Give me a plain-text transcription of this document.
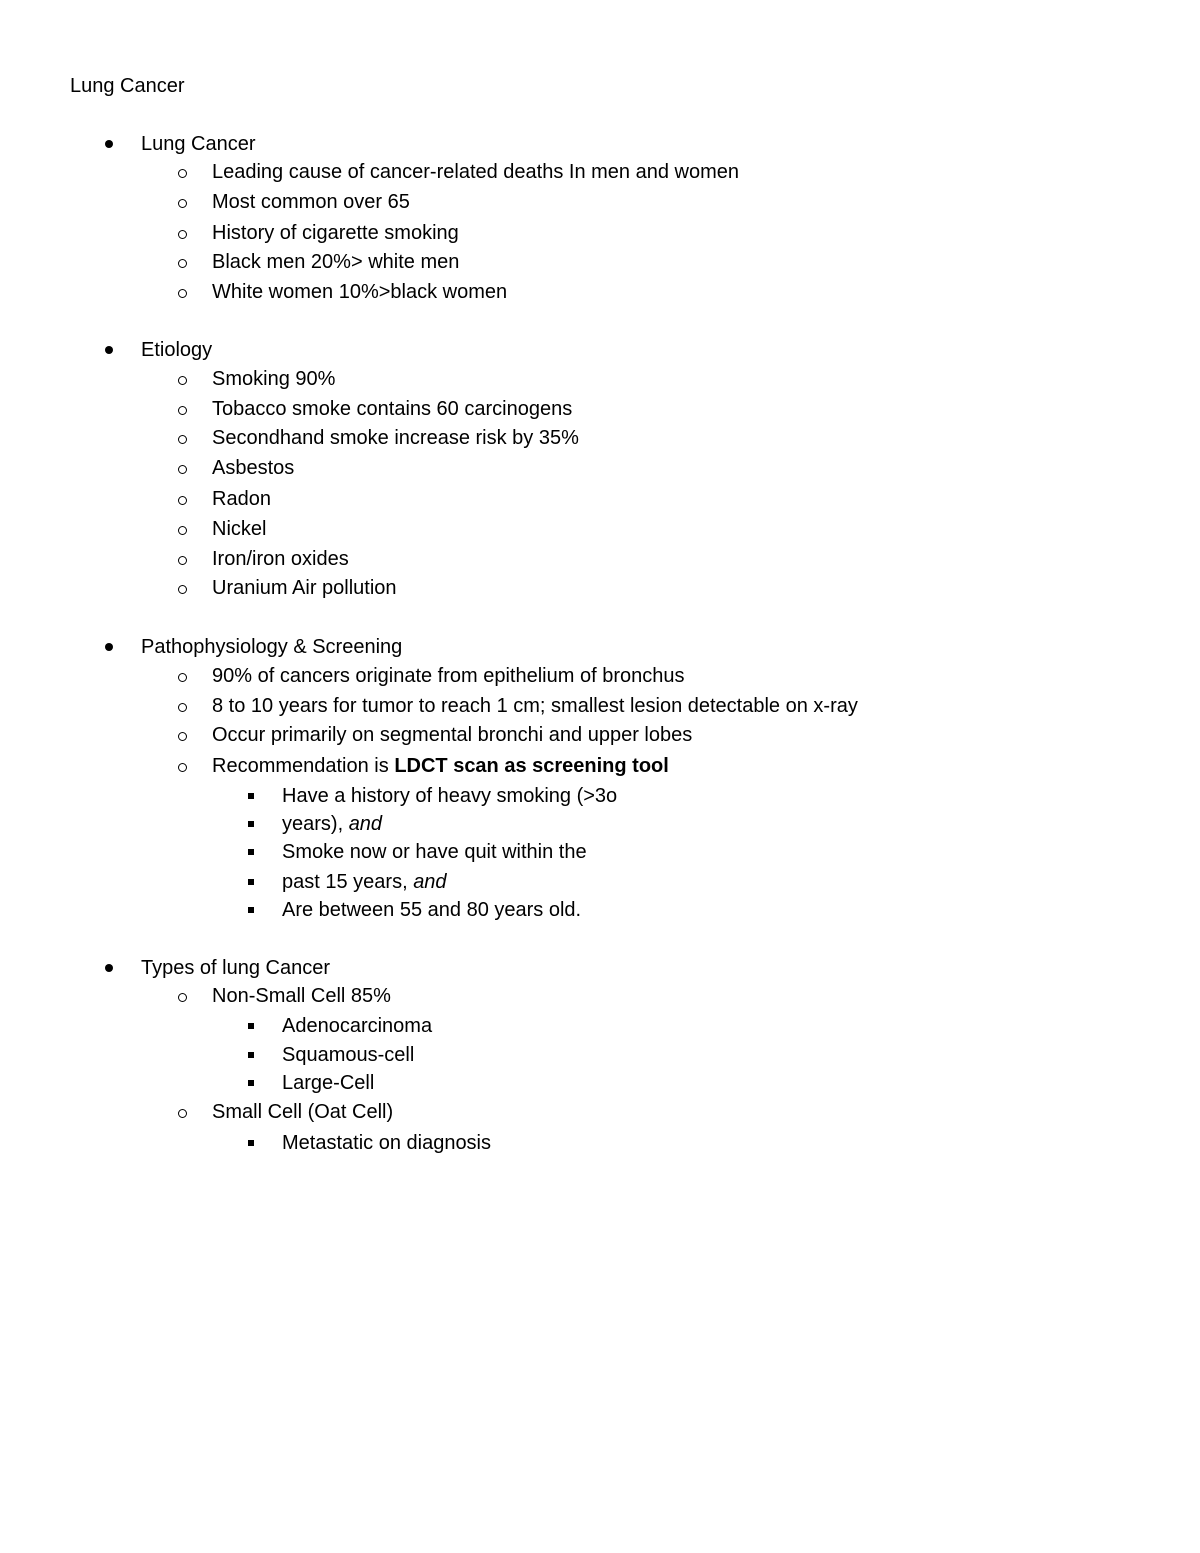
Lung Cancer
Lung Cancer
Leading cause of cancer-related deaths In men and women
Most common over 65
History of cigarette smoking
Black men 20%> white men
White women 10%>black women
Etiology
Smoking 90%
Tobacco smoke contains 60 carcinogens
Secondhand smoke increase risk by 35%
Asbestos
Radon
Nickel
Iron/iron oxides
Uranium Air pollution
Pathophysiology & Screening
90% of cancers originate from epithelium of bronchus
8 to 10 years for tumor to reach 1 cm; smallest lesion detectable on x-ray
Occur primarily on segmental bronchi and upper lobes
Recommendation is LDCT scan as screening tool
Have a history of heavy smoking (>3o
years), and
Smoke now or have quit within the
past 15 years, and
Are between 55 and 80 years old.
Types of lung Cancer
Non-Small Cell 85%
Adenocarcinoma
Squamous-cell
Large-Cell
Small Cell (Oat Cell)
Metastatic on diagnosis
